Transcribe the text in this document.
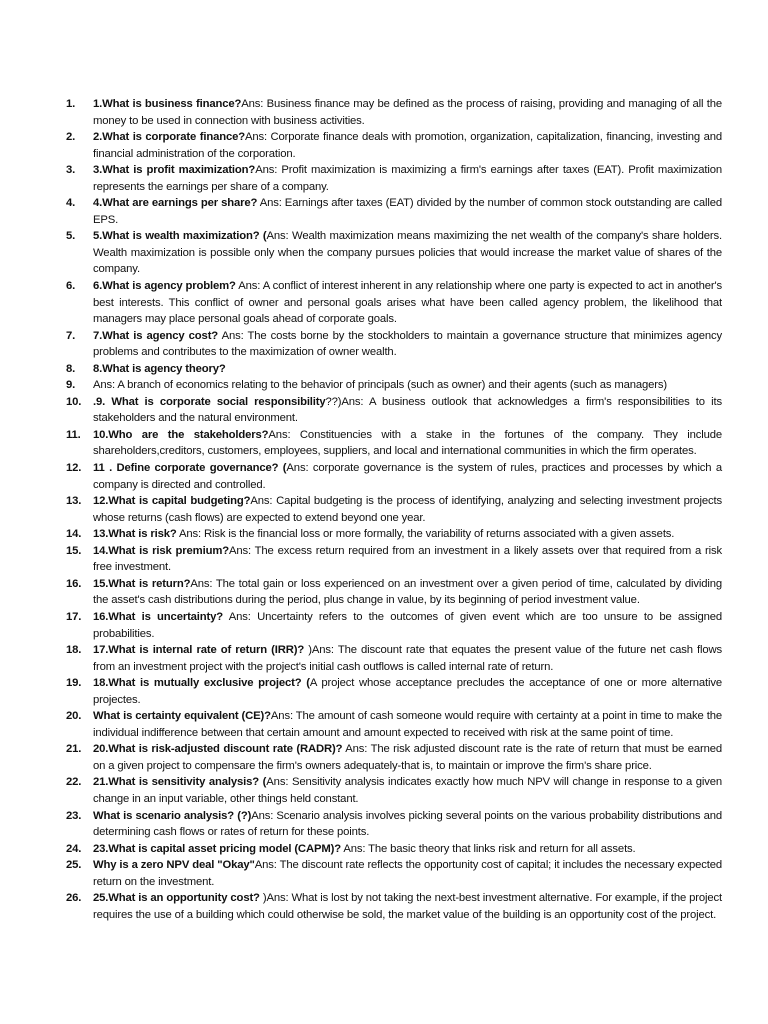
1.	1.What is business finance?Ans: Business finance may be defined as the process of raising, providing and managing of all the money to be used in connection with business activities.
2.	2.What is corporate finance?Ans: Corporate finance deals with promotion, organization, capitalization, financing, investing and financial administration of the corporation.
3.	3.What is profit maximization?Ans: Profit maximization is maximizing a firm's earnings after taxes (EAT). Profit maximization represents the earnings per share of a company.
4.	4.What are earnings per share? Ans: Earnings after taxes (EAT) divided by the number of common stock outstanding are called EPS.
5.	5.What is wealth maximization? (Ans: Wealth maximization means maximizing the net wealth of the company's share holders. Wealth maximization is possible only when the company pursues policies that would increase the market value of shares of the company.
6.	6.What is agency problem? Ans: A conflict of interest inherent in any relationship where one party is expected to act in another's best interests. This conflict of owner and personal goals arises what have been called agency problem, the likelihood that managers may place personal goals ahead of corporate goals.
7.	7.What is agency cost? Ans: The costs borne by the stockholders to maintain a governance structure that minimizes agency problems and contributes to the maximization of owner wealth.
8.	8.What is agency theory?
9.	Ans: A branch of economics relating to the behavior of principals (such as owner) and their agents (such as managers)
10.	.9. What is corporate social responsibility??)Ans: A business outlook that acknowledges a firm's responsibilities to its stakeholders and the natural environment.
11.	10.Who are the stakeholders?Ans: Constituencies with a stake in the fortunes of the company. They include shareholders,creditors, customers, employees, suppliers, and local and international communities in which the firm operates.
12.	11 . Define corporate governance? (Ans: corporate governance is the system of rules, practices and processes by which a company is directed and controlled.
13.	12.What is capital budgeting?Ans: Capital budgeting is the process of identifying, analyzing and selecting investment projects whose returns (cash flows) are expected to extend beyond one year.
14.	13.What is risk? Ans: Risk is the financial loss or more formally, the variability of returns associated with a given assets.
15.	14.What is risk premium?Ans: The excess return required from an investment in a likely assets over that required from a risk free investment.
16.	15.What is return?Ans: The total gain or loss experienced on an investment over a given period of time, calculated by dividing the asset's cash distributions during the period, plus change in value, by its beginning of period investment value.
17.	16.What is uncertainty? Ans: Uncertainty refers to the outcomes of given event which are too unsure to be assigned probabilities.
18.	17.What is internal rate of return (IRR)? )Ans: The discount rate that equates the present value of the future net cash flows from an investment project with the project's initial cash outflows is called internal rate of return.
19.	18.What is mutually exclusive project? (A project whose acceptance precludes the acceptance of one or more alternative projectes.
20.	What is certainty equivalent (CE)?Ans: The amount of cash someone would require with certainty at a point in time to make the individual indifference between that certain amount and amount expected to received with risk at the same point of time.
21.	20.What is risk-adjusted discount rate (RADR)? Ans: The risk adjusted discount rate is the rate of return that must be earned on a given project to compensare the firm's owners adequately-that is, to maintain or improve the firm's share price.
22.	21.What is sensitivity analysis? (Ans: Sensitivity analysis indicates exactly how much NPV will change in response to a given change in an input variable, other things held constant.
23.	What is scenario analysis? (?)Ans: Scenario analysis involves picking several points on the various probability distributions and determining cash flows or rates of return for these points.
24.	23.What is capital asset pricing model (CAPM)? Ans: The basic theory that links risk and return for all assets.
25.	Why is a zero NPV deal "Okay"Ans: The discount rate reflects the opportunity cost of capital; it includes the necessary expected return on the investment.
26.	25.What is an opportunity cost? )Ans: What is lost by not taking the next-best investment alternative. For example, if the project requires the use of a building which could otherwise be sold, the market value of the building is an opportunity cost of the project.
